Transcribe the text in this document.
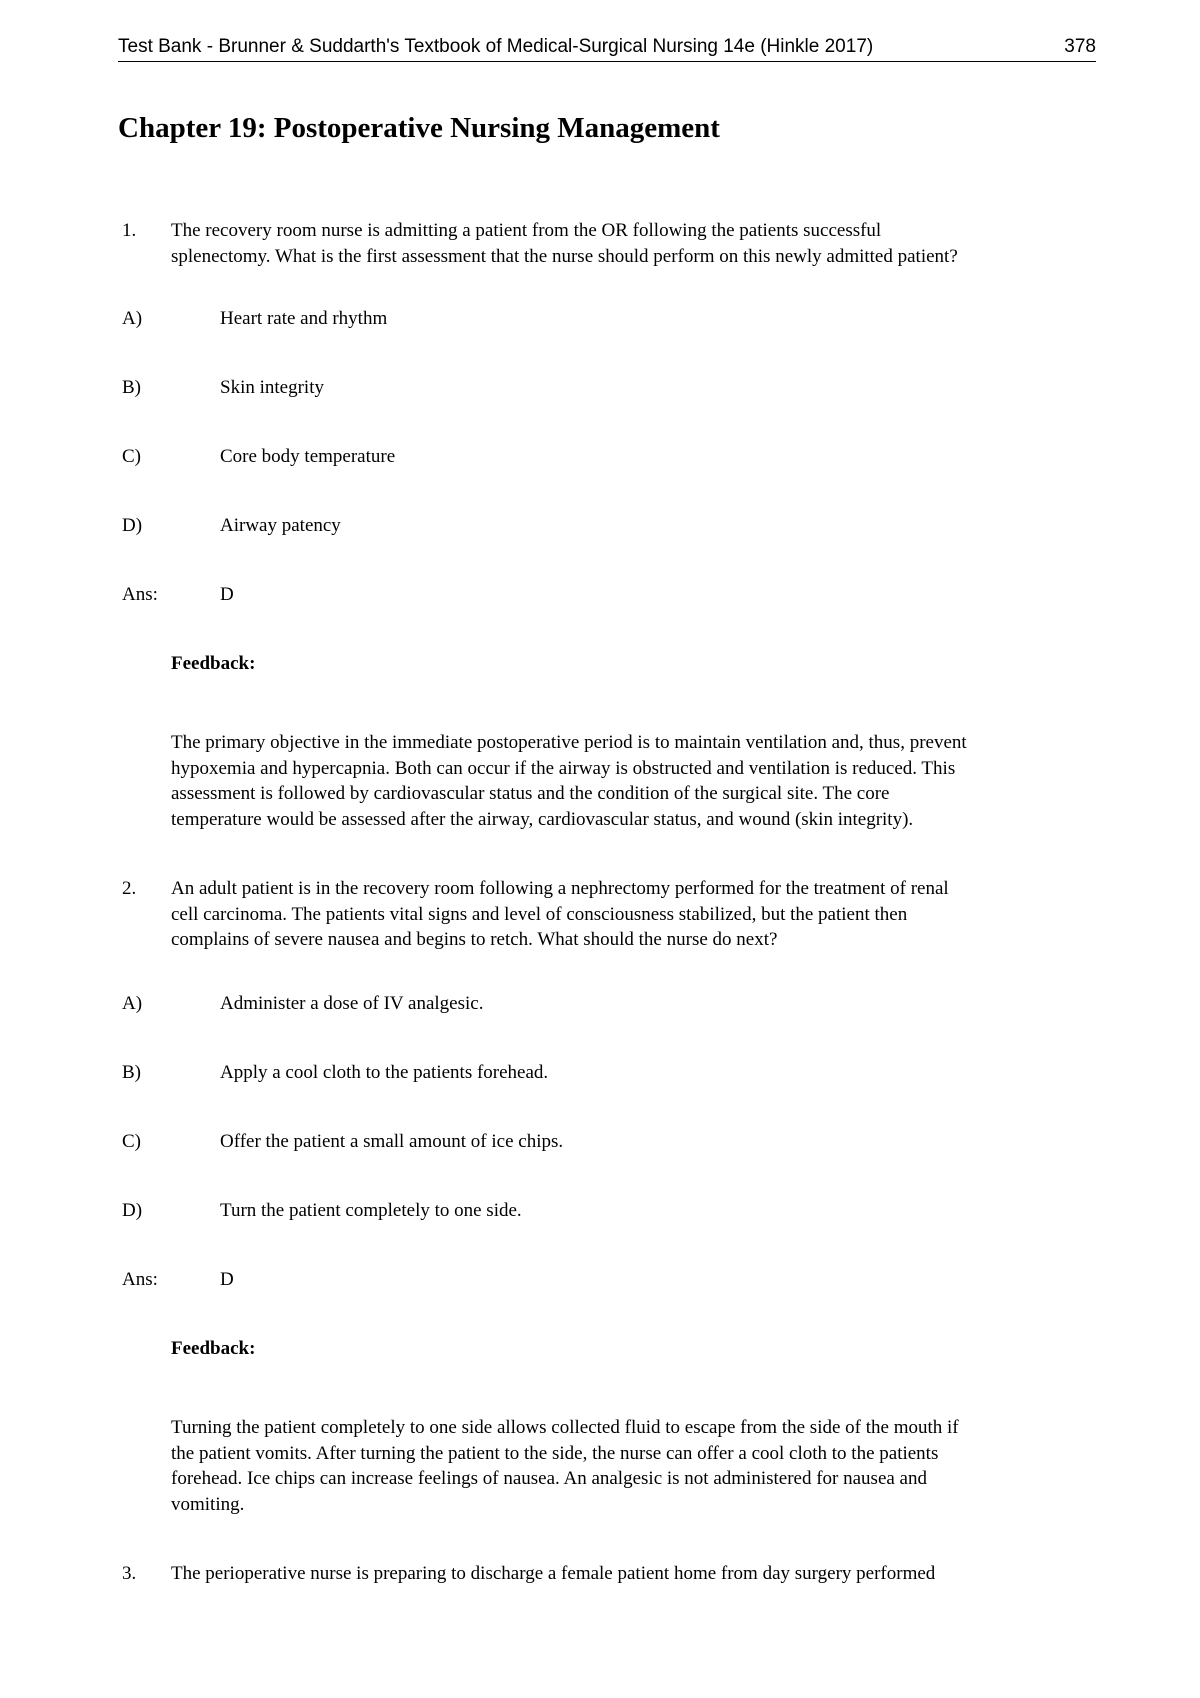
Test Bank - Brunner & Suddarth's Textbook of Medical-Surgical Nursing 14e (Hinkle 2017)	378
Chapter 19: Postoperative Nursing Management
1. The recovery room nurse is admitting a patient from the OR following the patients successful
splenectomy. What is the first assessment that the nurse should perform on this newly admitted patient?
A)	Heart rate and rhythm
B)	Skin integrity
C)	Core body temperature
D)	Airway patency
Ans:	D
Feedback:
The primary objective in the immediate postoperative period is to maintain ventilation and, thus, prevent
hypoxemia and hypercapnia. Both can occur if the airway is obstructed and ventilation is reduced. This
assessment is followed by cardiovascular status and the condition of the surgical site. The core
temperature would be assessed after the airway, cardiovascular status, and wound (skin integrity).
2. An adult patient is in the recovery room following a nephrectomy performed for the treatment of renal
cell carcinoma. The patients vital signs and level of consciousness stabilized, but the patient then
complains of severe nausea and begins to retch. What should the nurse do next?
A)	Administer a dose of IV analgesic.
B)	Apply a cool cloth to the patients forehead.
C)	Offer the patient a small amount of ice chips.
D)	Turn the patient completely to one side.
Ans:	D
Feedback:
Turning the patient completely to one side allows collected fluid to escape from the side of the mouth if
the patient vomits. After turning the patient to the side, the nurse can offer a cool cloth to the patients
forehead. Ice chips can increase feelings of nausea. An analgesic is not administered for nausea and
vomiting.
3. The perioperative nurse is preparing to discharge a female patient home from day surgery performed
